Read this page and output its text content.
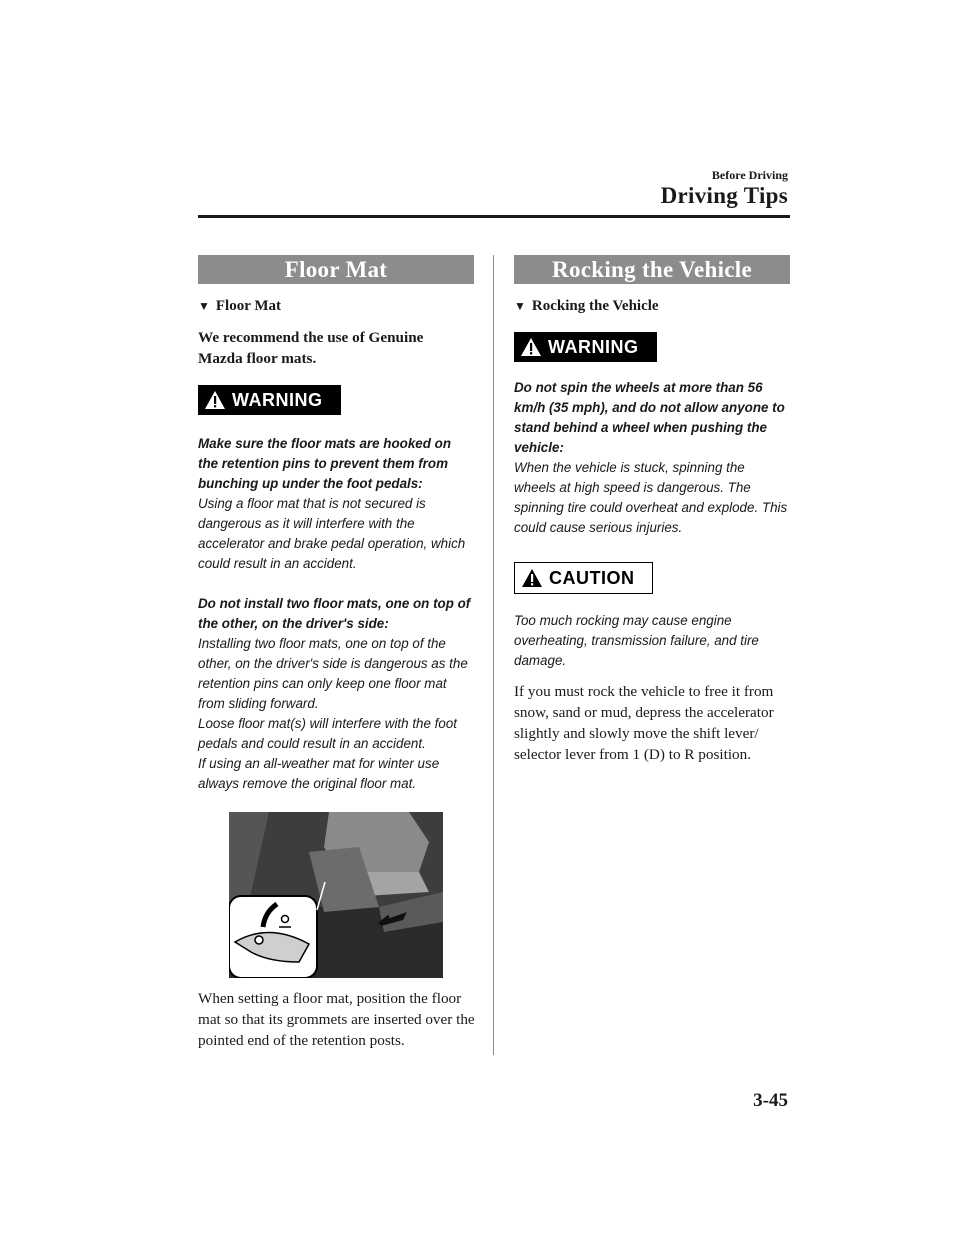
Before Driving
Driving Tips
Floor Mat
▼ Floor Mat

We recommend the use of Genuine Mazda floor mats.

WARNING

Make sure the floor mats are hooked on the retention pins to prevent them from bunching up under the foot pedals:

Using a floor mat that is not secured is dangerous as it will interfere with the accelerator and brake pedal operation, which could result in an accident.

Do not install two floor mats, one on top of the other, on the driver's side:

Installing two floor mats, one on top of the other, on the driver's side is dangerous as the retention pins can only keep one floor mat from sliding forward.

Loose floor mat(s) will interfere with the foot pedals and could result in an accident.

If using an all-weather mat for winter use always remove the original floor mat.

When setting a floor mat, position the floor mat so that its grommets are inserted over the pointed end of the retention posts.

Rocking the Vehicle
▼ Rocking the Vehicle
WARNING

Do not spin the wheels at more than 56 km/h (35 mph), and do not allow anyone to stand behind a wheel when pushing the vehicle:

When the vehicle is stuck, spinning the wheels at high speed is dangerous. The spinning tire could overheat and explode. This could cause serious injuries.

CAUTION

Too much rocking may cause engine overheating, transmission failure, and tire damage.

If you must rock the vehicle to free it from snow, sand or mud, depress the accelerator slightly and slowly move the shift lever/ selector lever from 1 (D) to R position.

3-45
